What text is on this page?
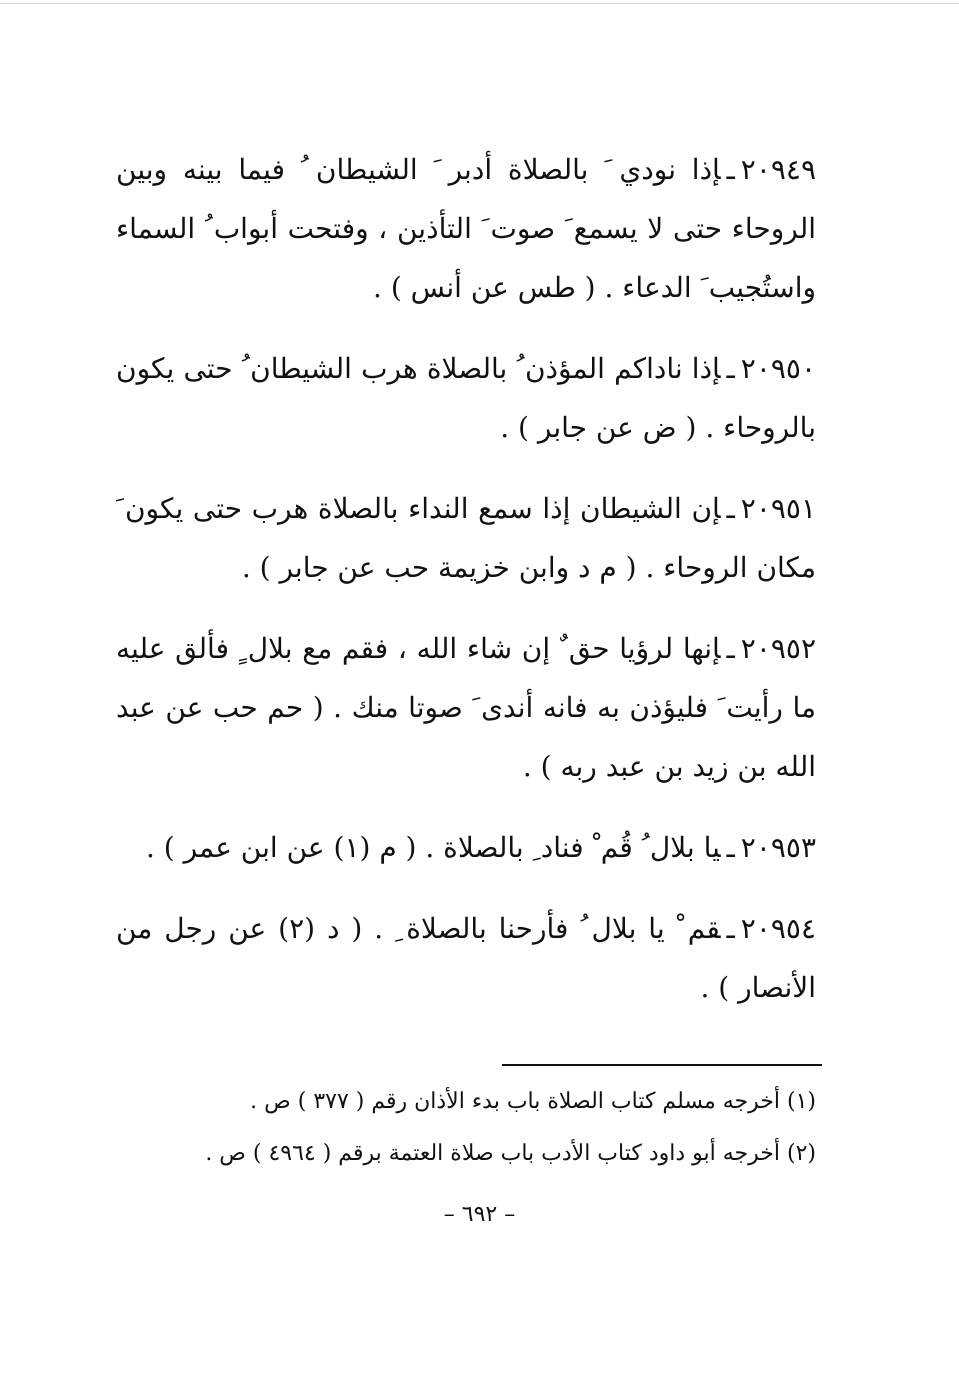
٢٠٩٤٩ـإذا نودي َ بالصلاة أدبر َ الشيطان ُ فيما بينه وبين الروحاء حتى لا يسمع َ صوت َ التأذين ، وفتحت أبواب ُ السماء واستُجيب َ الدعاء . ( طس عن أنس ) .

٢٠٩٥٠ـإذا ناداكم المؤذن ُ بالصلاة هرب الشيطان ُ حتى يكون بالروحاء . ( ض عن جابر ) .

٢٠٩٥١ـإن الشيطان إذا سمع النداء بالصلاة هرب حتى يكون َ مكان الروحاء . ( م د وابن خزيمة حب عن جابر ) .

٢٠٩٥٢ـإنها لرؤيا حق ٌ إن شاء الله ، فقم مع بلال ٍ فألق عليه ما رأيت َ فليؤذن به فانه أندى َ صوتا منك . ( حم حب عن عبد الله بن زيد بن عبد ربه ) .

٢٠٩٥٣ـيا بلال ُ قُم ْ فناد ِ بالصلاة . ( م (١) عن ابن عمر ) .

٢٠٩٥٤ـقم ْ يا بلال ُ فأرحنا بالصلاة ِ . ( د (٢) عن رجل من الأنصار ) .

(١) أخرجه مسلم كتاب الصلاة باب بدء الأذان رقم ( ٣٧٧ ) ص .

(٢) أخرجه أبو داود كتاب الأدب باب صلاة العتمة برقم ( ٤٩٦٤ ) ص .

– ٦٩٢ –
